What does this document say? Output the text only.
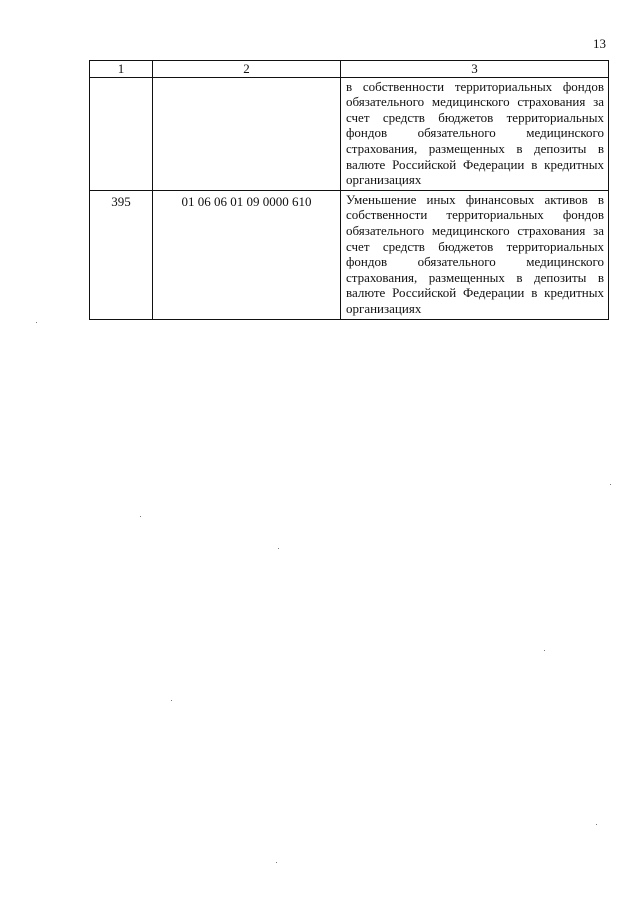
13
1	2	3
		в собственности территориальных фондов обязательного медицинского страхования за счет средств бюджетов территориальных фондов обязательного медицинского страхования, размещенных в депозиты в валюте Российской Федерации в кредитных организациях
395	01 06 06 01 09 0000 610	Уменьшение иных финансовых активов в собственности территориальных фондов обязательного медицинского страхования за счет средств бюджетов территориальных фондов обязательного медицинского страхования, размещенных в депозиты в валюте Российской Федерации в кредитных организациях
